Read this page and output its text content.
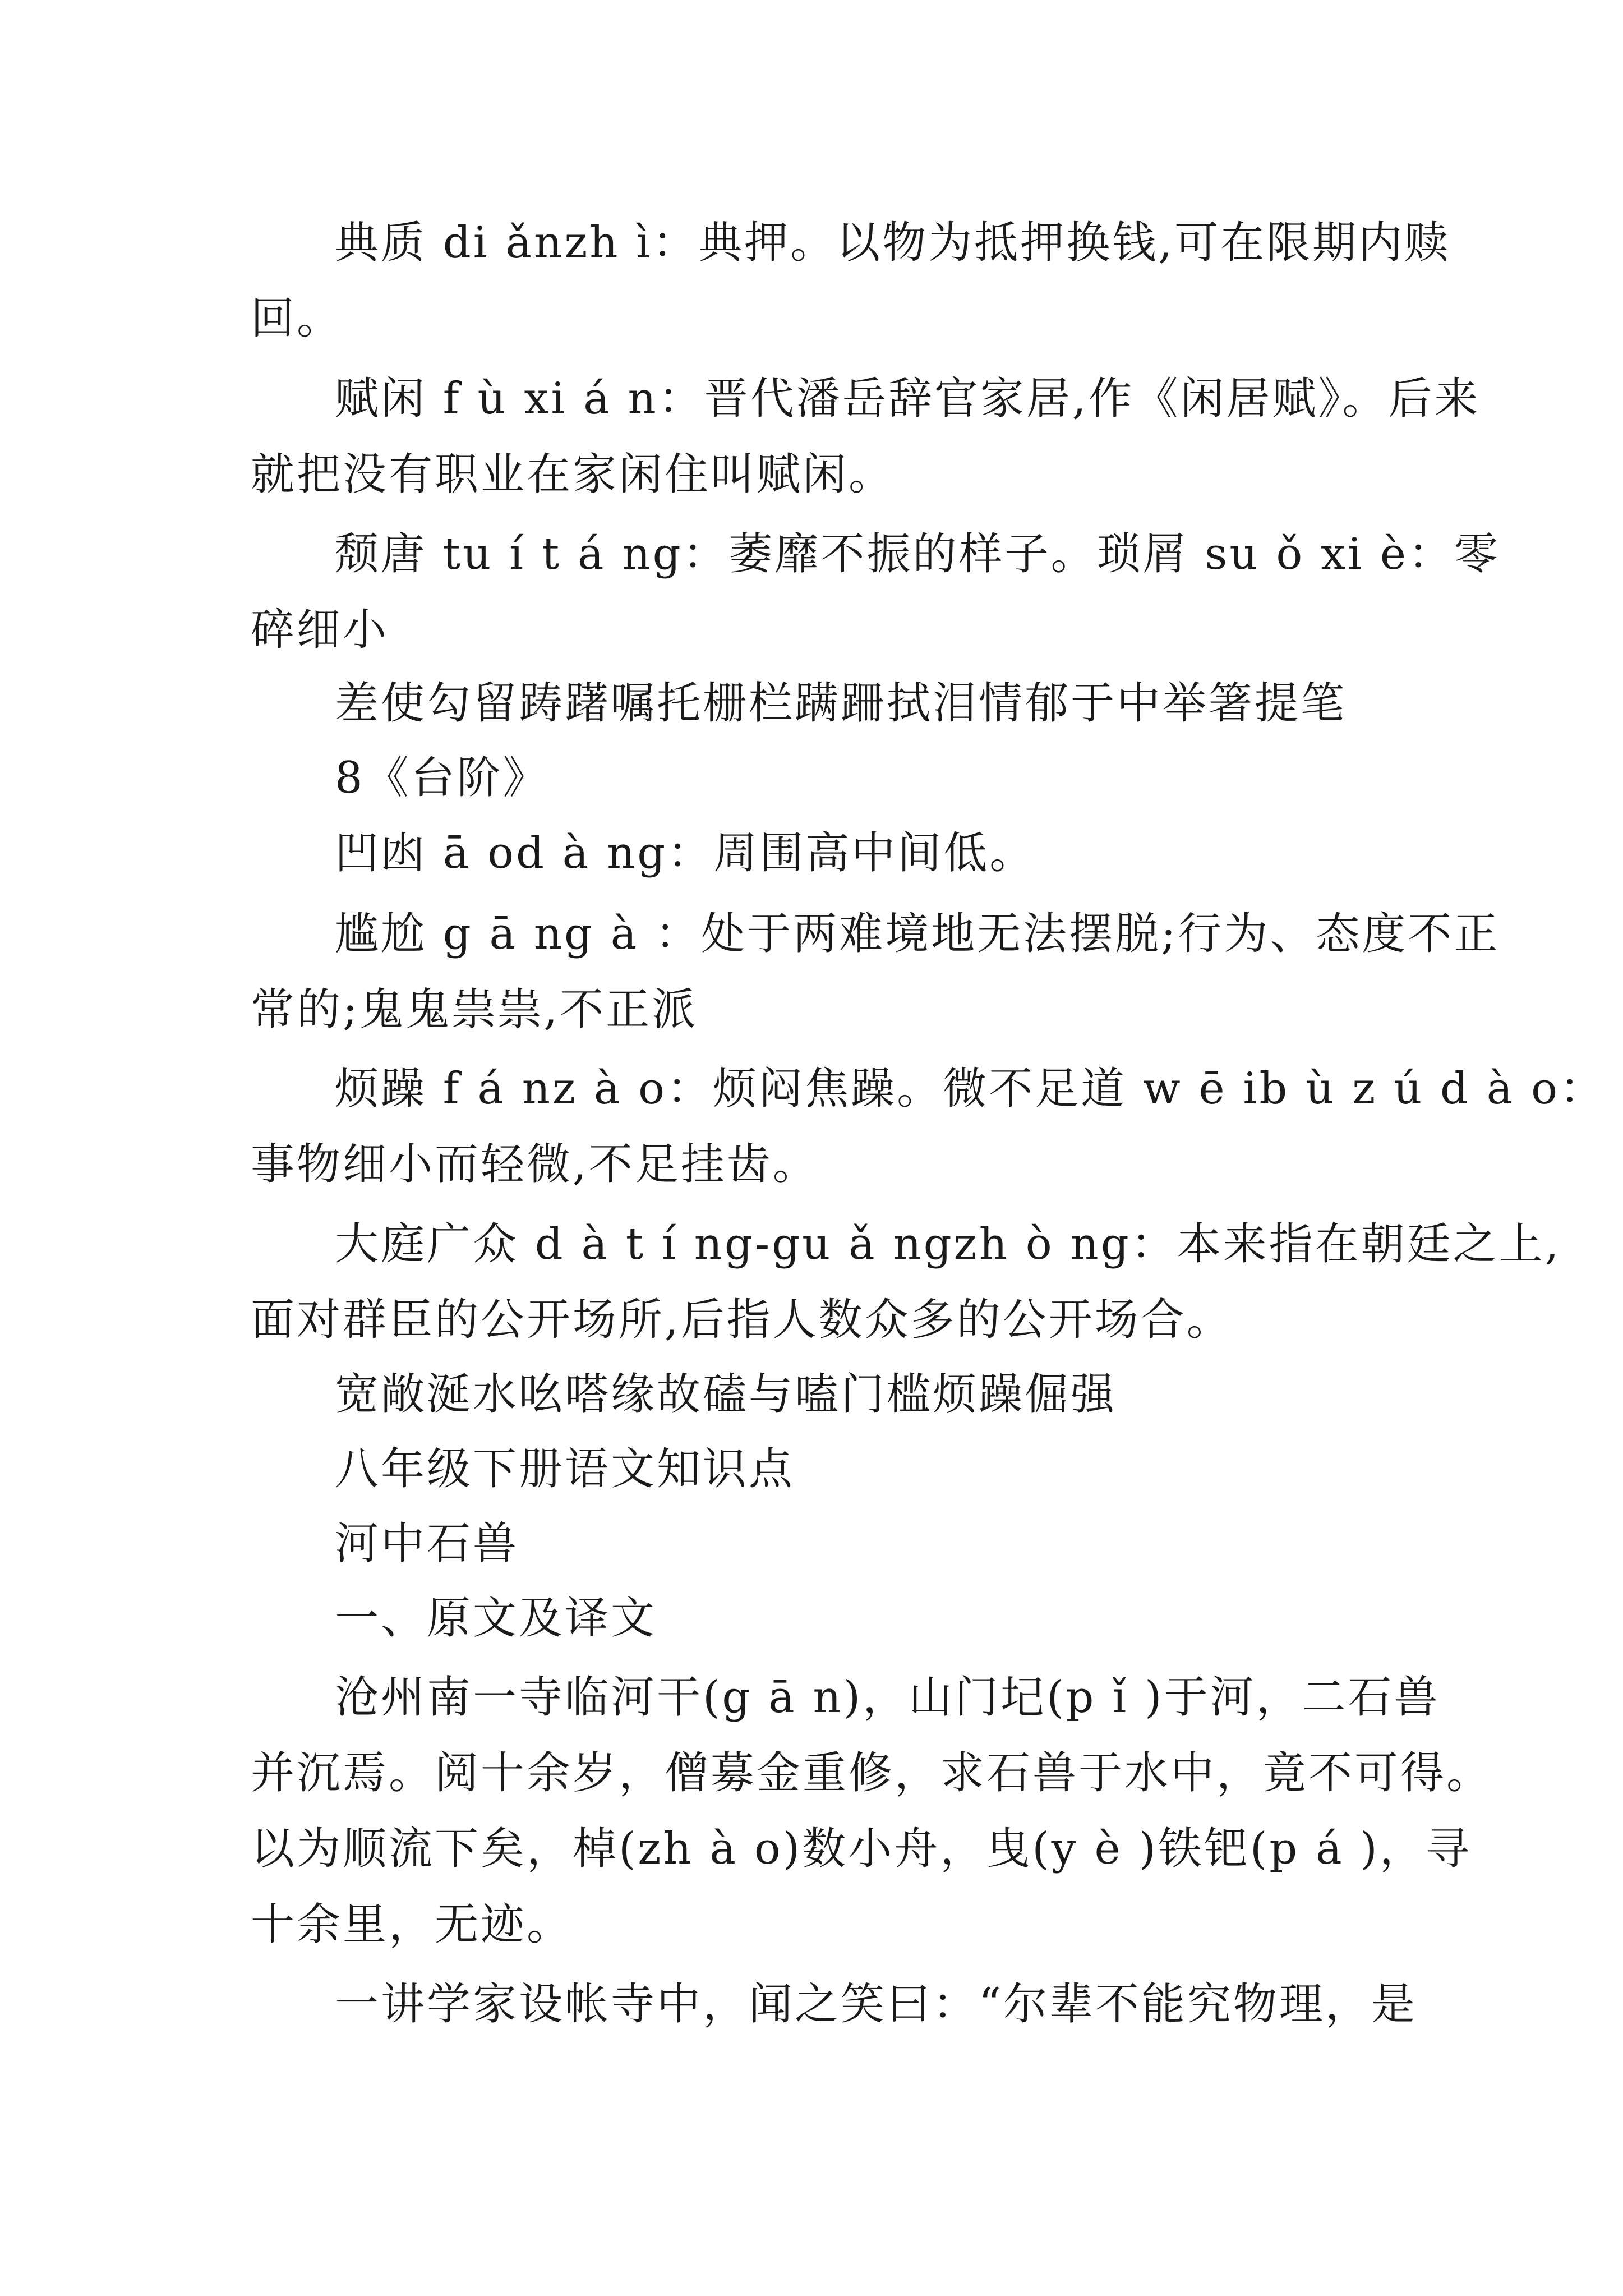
典质 di ǎnzh ì：典押。以物为抵押换钱,可在限期内赎
回。
赋闲 f ù xi á n：晋代潘岳辞官家居,作《闲居赋》。后来
就把没有职业在家闲住叫赋闲。
颓唐 tu í t á ng：萎靡不振的样子。琐屑 su ǒ xi è：零
碎细小
差使勾留踌躇嘱托栅栏蹒跚拭泪情郁于中举箸提笔
8《台阶》
凹凼 ā od à ng：周围高中间低。
尴尬 g ā ng à ：处于两难境地无法摆脱;行为、态度不正
常的;鬼鬼祟祟,不正派
烦躁 f á nz à o：烦闷焦躁。微不足道 w ē ib ù z ú d à o：
事物细小而轻微,不足挂齿。
大庭广众 d à t í ng-gu ǎ ngzh ò ng：本来指在朝廷之上,
面对群臣的公开场所,后指人数众多的公开场合。
宽敞涎水吆嗒缘故磕与嗑门槛烦躁倔强
八年级下册语文知识点
河中石兽
一、原文及译文
沧州南一寺临河干(g ā n)，山门圮(p ǐ )于河，二石兽
并沉焉。阅十余岁，僧募金重修，求石兽于水中，竟不可得。
以为顺流下矣，棹(zh à o)数小舟，曳(y è )铁钯(p á )，寻
十余里，无迹。
一讲学家设帐寺中，闻之笑曰：“尔辈不能究物理，是
